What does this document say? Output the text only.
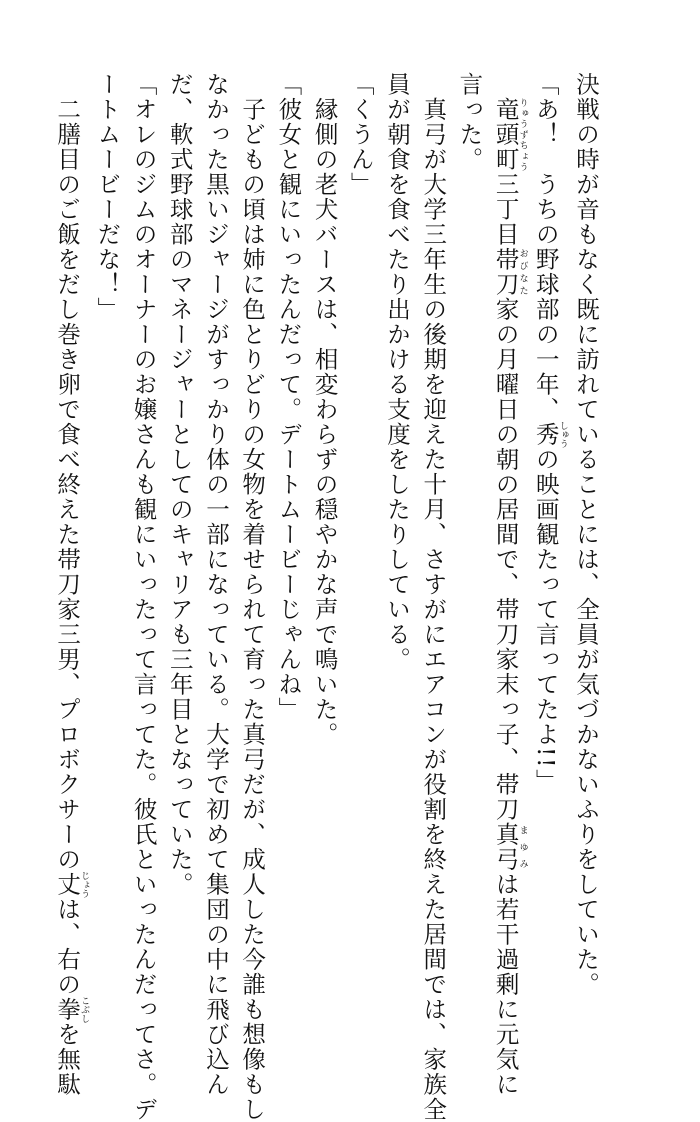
決戦の時が音もなく既に訪れていることには、全員が気づかないふりをしていた。
「あ！　うちの野球部の一年、秀しゅうの映画観たって言ってたよ!!」
　竜頭町りゅうずちょう三丁目帯刀おびなた家の月曜日の朝の居間で、帯刀家末っ子、帯刀真弓まゆみは若干過剰に元気に
言った。
　真弓が大学三年生の後期を迎えた十月、さすがにエアコンが役割を終えた居間では、家族全
員が朝食を食べたり出かける支度をしたりしている。
「くうん」
　縁側の老犬バースは、相変わらずの穏やかな声で鳴いた。
「彼女と観にいったんだって。デートムービーじゃんね」
　子どもの頃は姉に色とりどりの女物を着せられて育った真弓だが、成人した今誰も想像もし
なかった黒いジャージがすっかり体の一部になっている。大学で初めて集団の中に飛び込ん
だ、軟式野球部のマネージャーとしてのキャリアも三年目となっていた。
「オレのジムのオーナーのお嬢さんも観にいったって言ってた。彼氏といったんだってさ。デ
ートムービーだな！」
　二膳目のご飯をだし巻き卵で食べ終えた帯刀家三男、プロボクサーの丈じょうは、右の拳こぶしを無駄
